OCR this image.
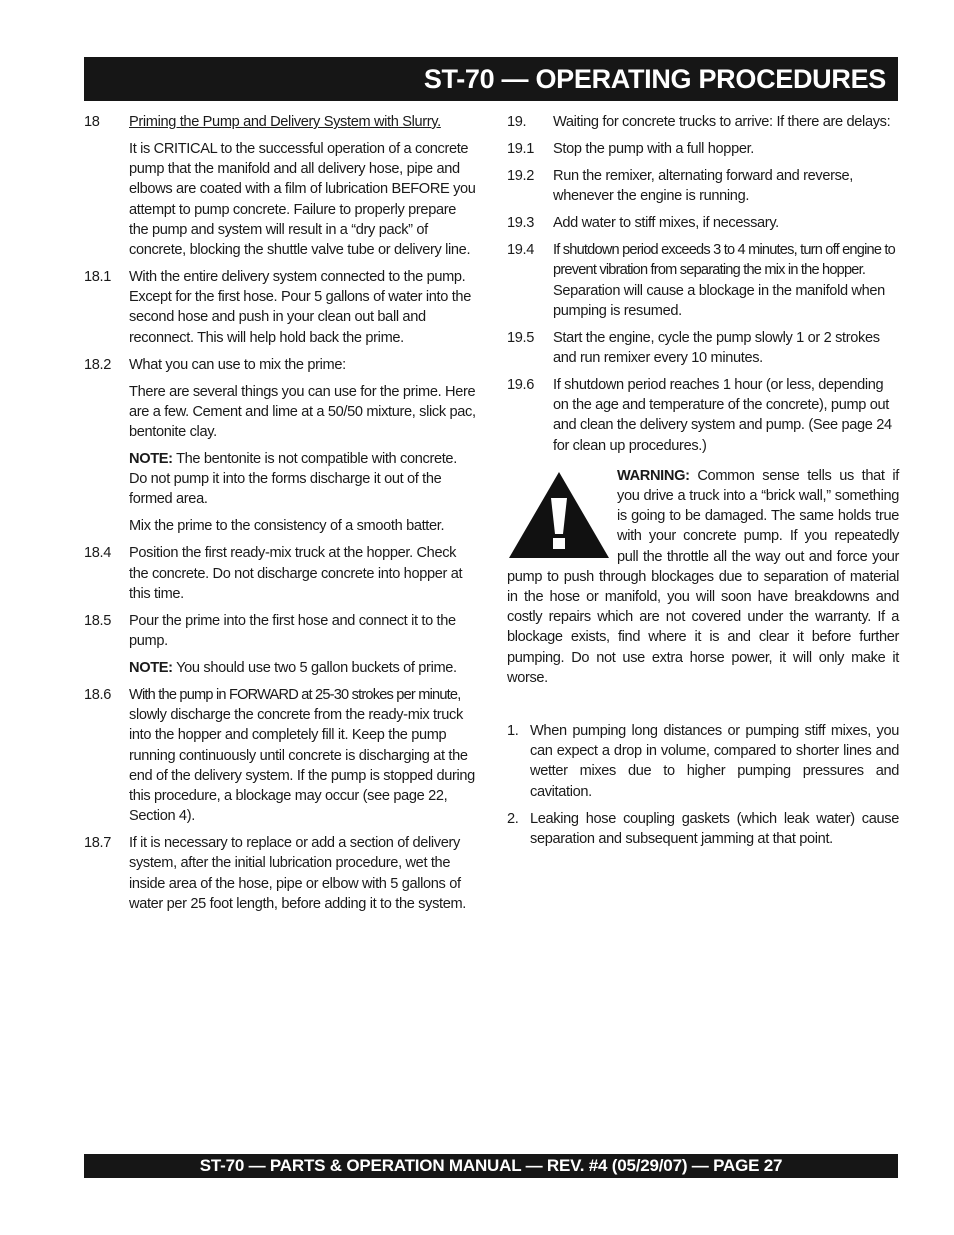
ST-70 — OPERATING PROCEDURES
18	Priming the Pump and Delivery System with Slurry.
It is CRITICAL to the successful operation of a concrete pump that the manifold and all delivery hose, pipe and elbows are coated with a film of lubrication BEFORE you attempt to pump concrete. Failure to properly prepare the pump and system will result in a “dry pack” of concrete, blocking the shuttle valve tube or delivery line.
18.1	With the entire delivery system connected to the pump. Except for the first hose. Pour 5 gallons of water into the second hose and push in your clean out ball and reconnect. This will help hold back the prime.
18.2	What you can use to mix the prime:
There are several things you can use for the prime. Here are a few. Cement and lime at a 50/50 mixture, slick pac, bentonite clay.
NOTE: The bentonite is not compatible with concrete. Do not pump it into the forms discharge it out of the formed area.
Mix the prime to the consistency of a smooth batter.
18.4	Position the first ready-mix truck at the hopper. Check the concrete. Do not discharge concrete into hopper at this time.
18.5	Pour the prime into the first hose and connect it to the pump.
NOTE: You should use two 5 gallon buckets of prime.
18.6	With the pump in FORWARD at 25-30 strokes per minute, slowly discharge the concrete from the ready-mix truck into the hopper and completely fill it. Keep the pump running continuously until concrete is discharging at the end of the delivery system. If the pump is stopped during this procedure, a blockage may occur (see page 22, Section 4).
18.7	If it is necessary to replace or add a section of delivery system, after the initial lubrication procedure, wet the inside area of the hose, pipe or elbow with 5 gallons of water per 25 foot length, before adding it to the system.
19.	Waiting for concrete trucks to arrive: If there are delays:
19.1	Stop the pump with a full hopper.
19.2	Run the remixer, alternating forward and reverse, whenever the engine is running.
19.3	Add water to stiff mixes, if necessary.
19.4	If shutdown period exceeds 3 to 4 minutes, turn off engine to prevent vibration from separating the mix in the hopper. Separation will cause a blockage in the manifold when pumping is resumed.
19.5	Start the engine, cycle the pump slowly 1 or 2 strokes and run remixer every 10 minutes.
19.6	If shutdown period reaches 1 hour (or less, depending on the age and temperature of the concrete), pump out and clean the delivery system and pump. (See page 24 for clean up procedures.)
WARNING: Common sense tells us that if you drive a truck into a “brick wall,” something is going to be damaged. The same holds true with your concrete pump. If you repeatedly pull the throttle all the way out and force your pump to push through blockages due to separation of material in the hose or manifold, you will soon have breakdowns and costly repairs which are not covered under the warranty. If a blockage exists, find where it is and clear it before further pumping. Do not use extra horse power, it will only make it worse.
1. When pumping long distances or pumping stiff mixes, you can expect a drop in volume, compared to shorter lines and wetter mixes due to higher pumping pressures and cavitation.
2. Leaking hose coupling gaskets (which leak water) cause separation and subsequent jamming at that point.
ST-70 — PARTS & OPERATION MANUAL — REV. #4 (05/29/07) — PAGE 27
